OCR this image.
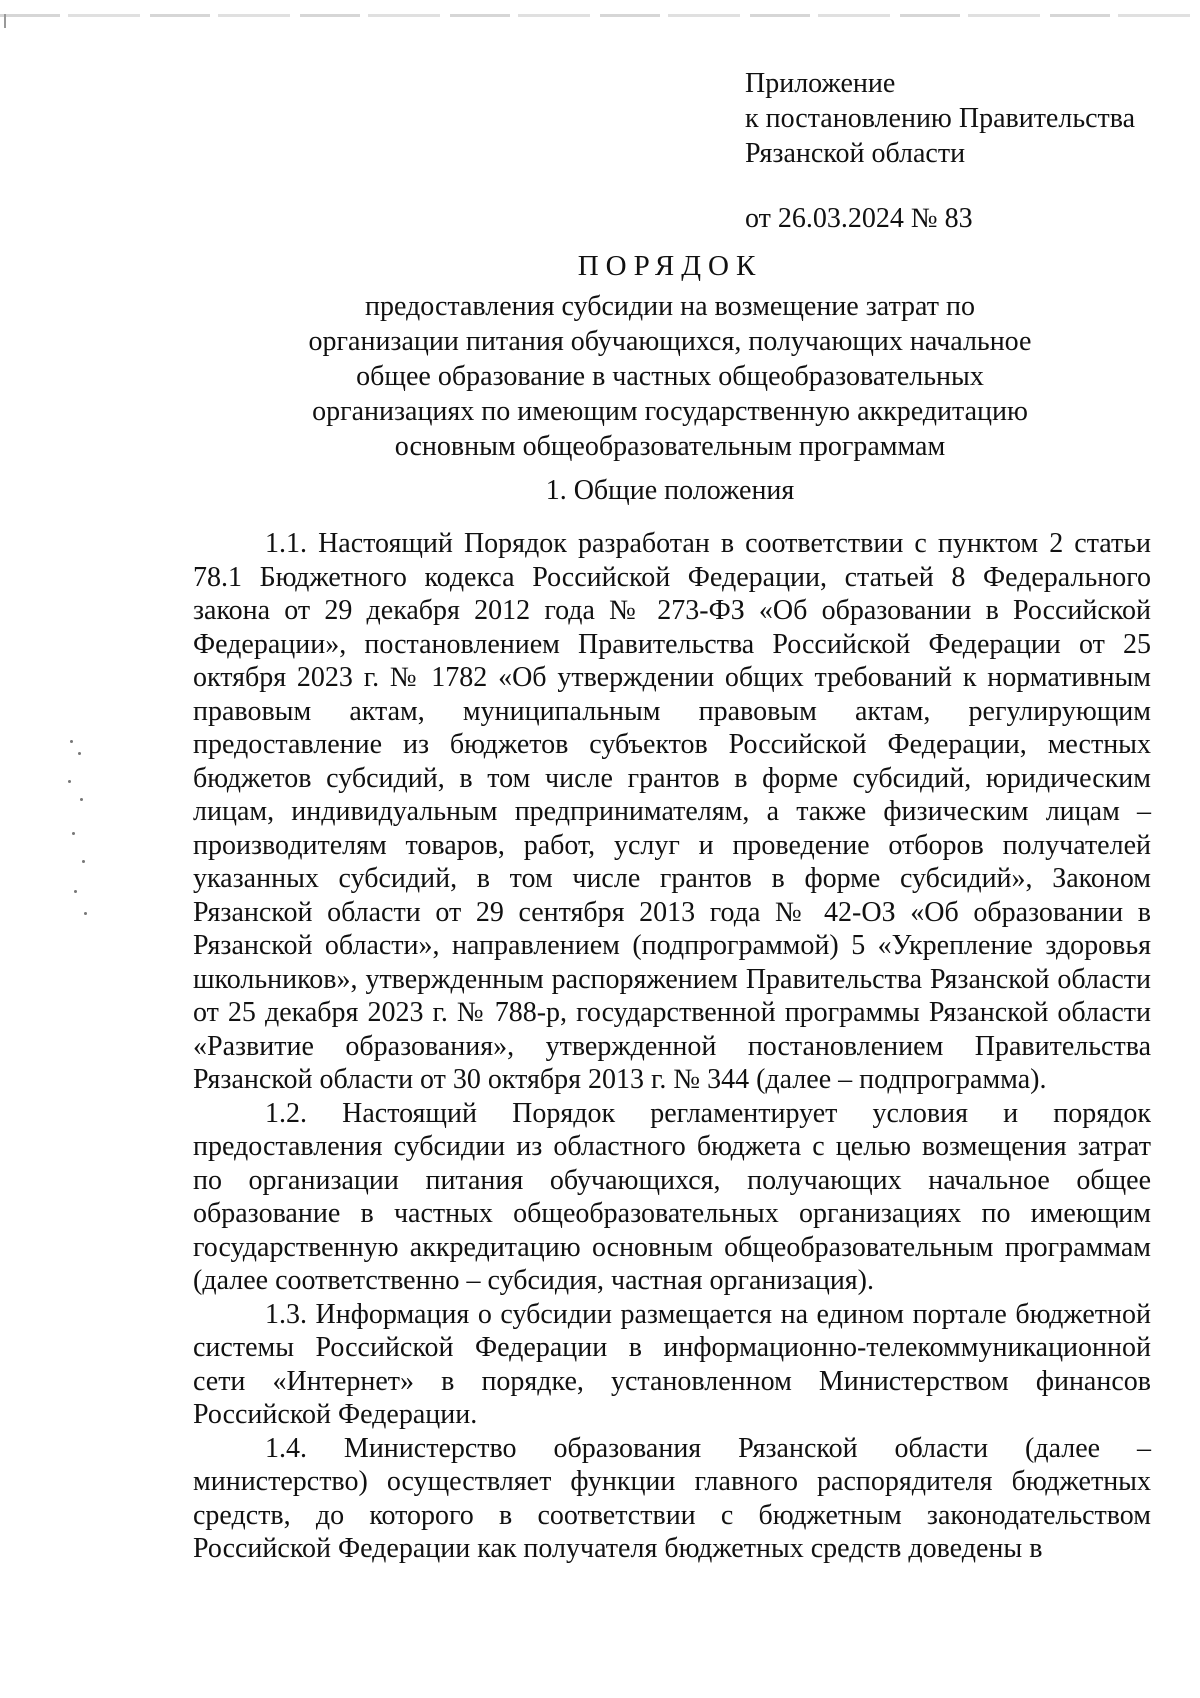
Приложение
к постановлению Правительства
Рязанской области
от 26.03.2024 № 83
ПОРЯДОК
предоставления субсидии на возмещение затрат по
организации питания обучающихся, получающих начальное
общее образование в частных общеобразовательных
организациях по имеющим государственную аккредитацию
основным общеобразовательным программам
1. Общие положения

1.1. Настоящий Порядок разработан в соответствии с пунктом 2 статьи 78.1 Бюджетного кодекса Российской Федерации, статьей 8 Федерального закона от 29 декабря 2012 года № 273-ФЗ «Об образовании в Российской Федерации», постановлением Правительства Российской Федерации от 25 октября 2023 г. № 1782 «Об утверждении общих требований к нормативным правовым актам, муниципальным правовым актам, регулирующим предоставление из бюджетов субъектов Российской Федерации, местных бюджетов субсидий, в том числе грантов в форме субсидий, юридическим лицам, индивидуальным предпринимателям, а также физическим лицам – производителям товаров, работ, услуг и проведение отборов получателей указанных субсидий, в том числе грантов в форме субсидий», Законом Рязанской области от 29 сентября 2013 года № 42-ОЗ «Об образовании в Рязанской области», направлением (подпрограммой) 5 «Укрепление здоровья школьников», утвержденным распоряжением Правительства Рязанской области от 25 декабря 2023 г. № 788-р, государственной программы Рязанской области «Развитие образования», утвержденной постановлением Правительства Рязанской области от 30 октября 2013 г. № 344 (далее – подпрограмма).

1.2. Настоящий Порядок регламентирует условия и порядок предоставления субсидии из областного бюджета с целью возмещения затрат по организации питания обучающихся, получающих начальное общее образование в частных общеобразовательных организациях по имеющим государственную аккредитацию основным общеобразовательным программам (далее соответственно – субсидия, частная организация).

1.3. Информация о субсидии размещается на едином портале бюджетной системы Российской Федерации в информационно-телекоммуникационной сети «Интернет» в порядке, установленном Министерством финансов Российской Федерации.

1.4. Министерство образования Рязанской области (далее – министерство) осуществляет функции главного распорядителя бюджетных средств, до которого в соответствии с бюджетным законодательством Российской Федерации как получателя бюджетных средств доведены в
